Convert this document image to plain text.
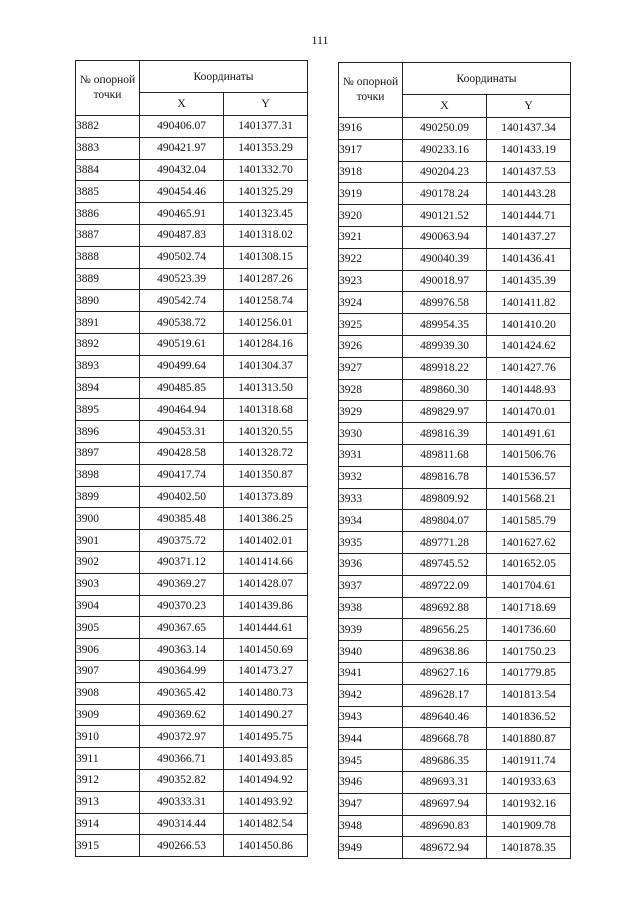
111
№ опорной точки	Координаты	
	X	Y
3882	490406.07	1401377.31
3883	490421.97	1401353.29
3884	490432.04	1401332.70
3885	490454.46	1401325.29
3886	490465.91	1401323.45
3887	490487.83	1401318.02
3888	490502.74	1401308.15
3889	490523.39	1401287.26
3890	490542.74	1401258.74
3891	490538.72	1401256.01
3892	490519.61	1401284.16
3893	490499.64	1401304.37
3894	490485.85	1401313.50
3895	490464.94	1401318.68
3896	490453.31	1401320.55
3897	490428.58	1401328.72
3898	490417.74	1401350.87
3899	490402.50	1401373.89
3900	490385.48	1401386.25
3901	490375.72	1401402.01
3902	490371.12	1401414.66
3903	490369.27	1401428.07
3904	490370.23	1401439.86
3905	490367.65	1401444.61
3906	490363.14	1401450.69
3907	490364.99	1401473.27
3908	490365.42	1401480.73
3909	490369.62	1401490.27
3910	490372.97	1401495.75
3911	490366.71	1401493.85
3912	490352.82	1401494.92
3913	490333.31	1401493.92
3914	490314.44	1401482.54
3915	490266.53	1401450.86
№ опорной точки	Координаты	
	X	Y
3916	490250.09	1401437.34
3917	490233.16	1401433.19
3918	490204.23	1401437.53
3919	490178.24	1401443.28
3920	490121.52	1401444.71
3921	490063.94	1401437.27
3922	490040.39	1401436.41
3923	490018.97	1401435.39
3924	489976.58	1401411.82
3925	489954.35	1401410.20
3926	489939.30	1401424.62
3927	489918.22	1401427.76
3928	489860.30	1401448.93
3929	489829.97	1401470.01
3930	489816.39	1401491.61
3931	489811.68	1401506.76
3932	489816.78	1401536.57
3933	489809.92	1401568.21
3934	489804.07	1401585.79
3935	489771.28	1401627.62
3936	489745.52	1401652.05
3937	489722.09	1401704.61
3938	489692.88	1401718.69
3939	489656.25	1401736.60
3940	489638.86	1401750.23
3941	489627.16	1401779.85
3942	489628.17	1401813.54
3943	489640.46	1401836.52
3944	489668.78	1401880.87
3945	489686.35	1401911.74
3946	489693.31	1401933.63
3947	489697.94	1401932.16
3948	489690.83	1401909.78
3949	489672.94	1401878.35
